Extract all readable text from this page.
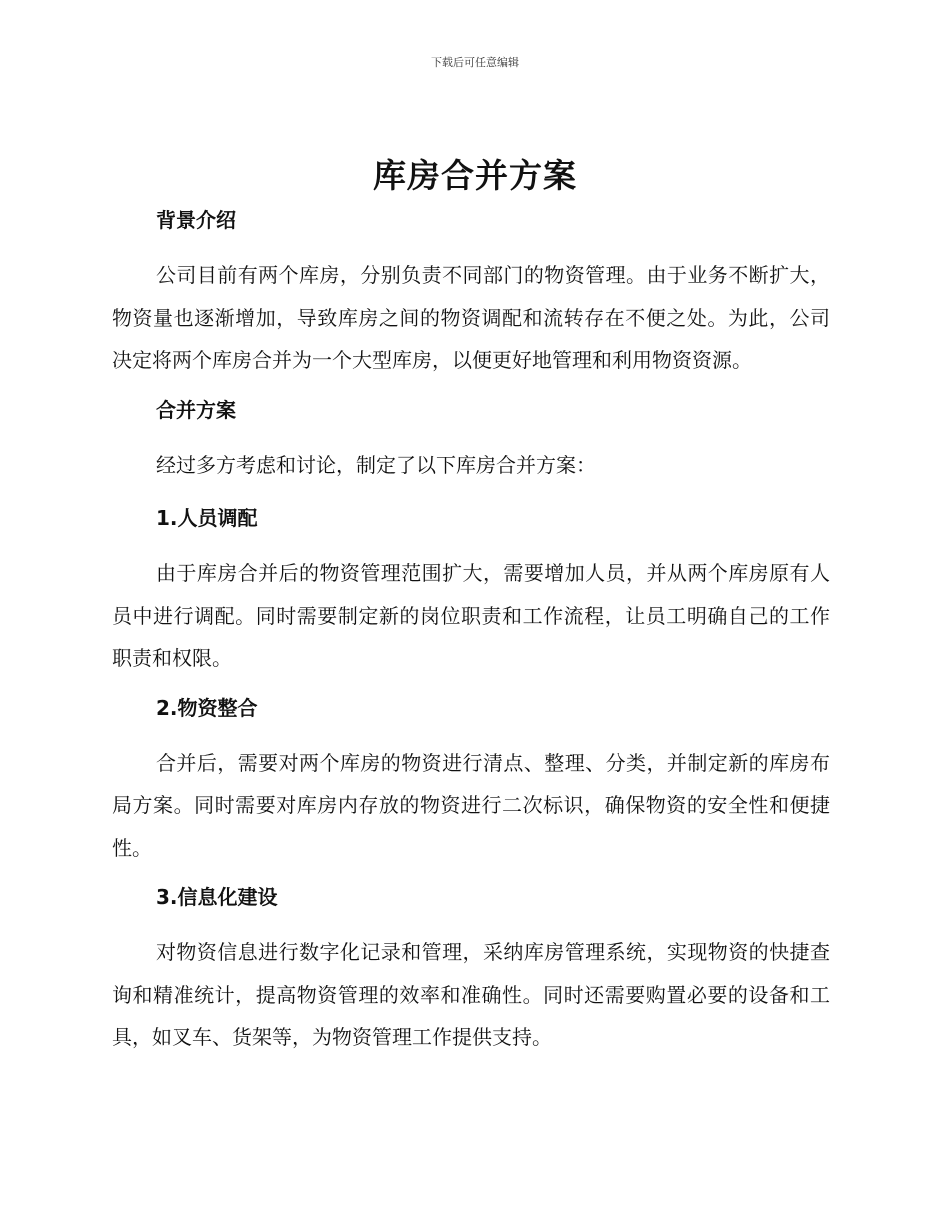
下载后可任意编辑
库房合并方案
背景介绍

公司目前有两个库房，分别负责不同部门的物资管理。由于业务不断扩大，物资量也逐渐增加，导致库房之间的物资调配和流转存在不便之处。为此，公司决定将两个库房合并为一个大型库房，以便更好地管理和利用物资资源。

合并方案

经过多方考虑和讨论，制定了以下库房合并方案：

1.人员调配

由于库房合并后的物资管理范围扩大，需要增加人员，并从两个库房原有人员中进行调配。同时需要制定新的岗位职责和工作流程，让员工明确自己的工作职责和权限。

2.物资整合

合并后，需要对两个库房的物资进行清点、整理、分类，并制定新的库房布局方案。同时需要对库房内存放的物资进行二次标识，确保物资的安全性和便捷性。

3.信息化建设

对物资信息进行数字化记录和管理，采纳库房管理系统，实现物资的快捷查询和精准统计，提高物资管理的效率和准确性。同时还需要购置必要的设备和工具，如叉车、货架等，为物资管理工作提供支持。
